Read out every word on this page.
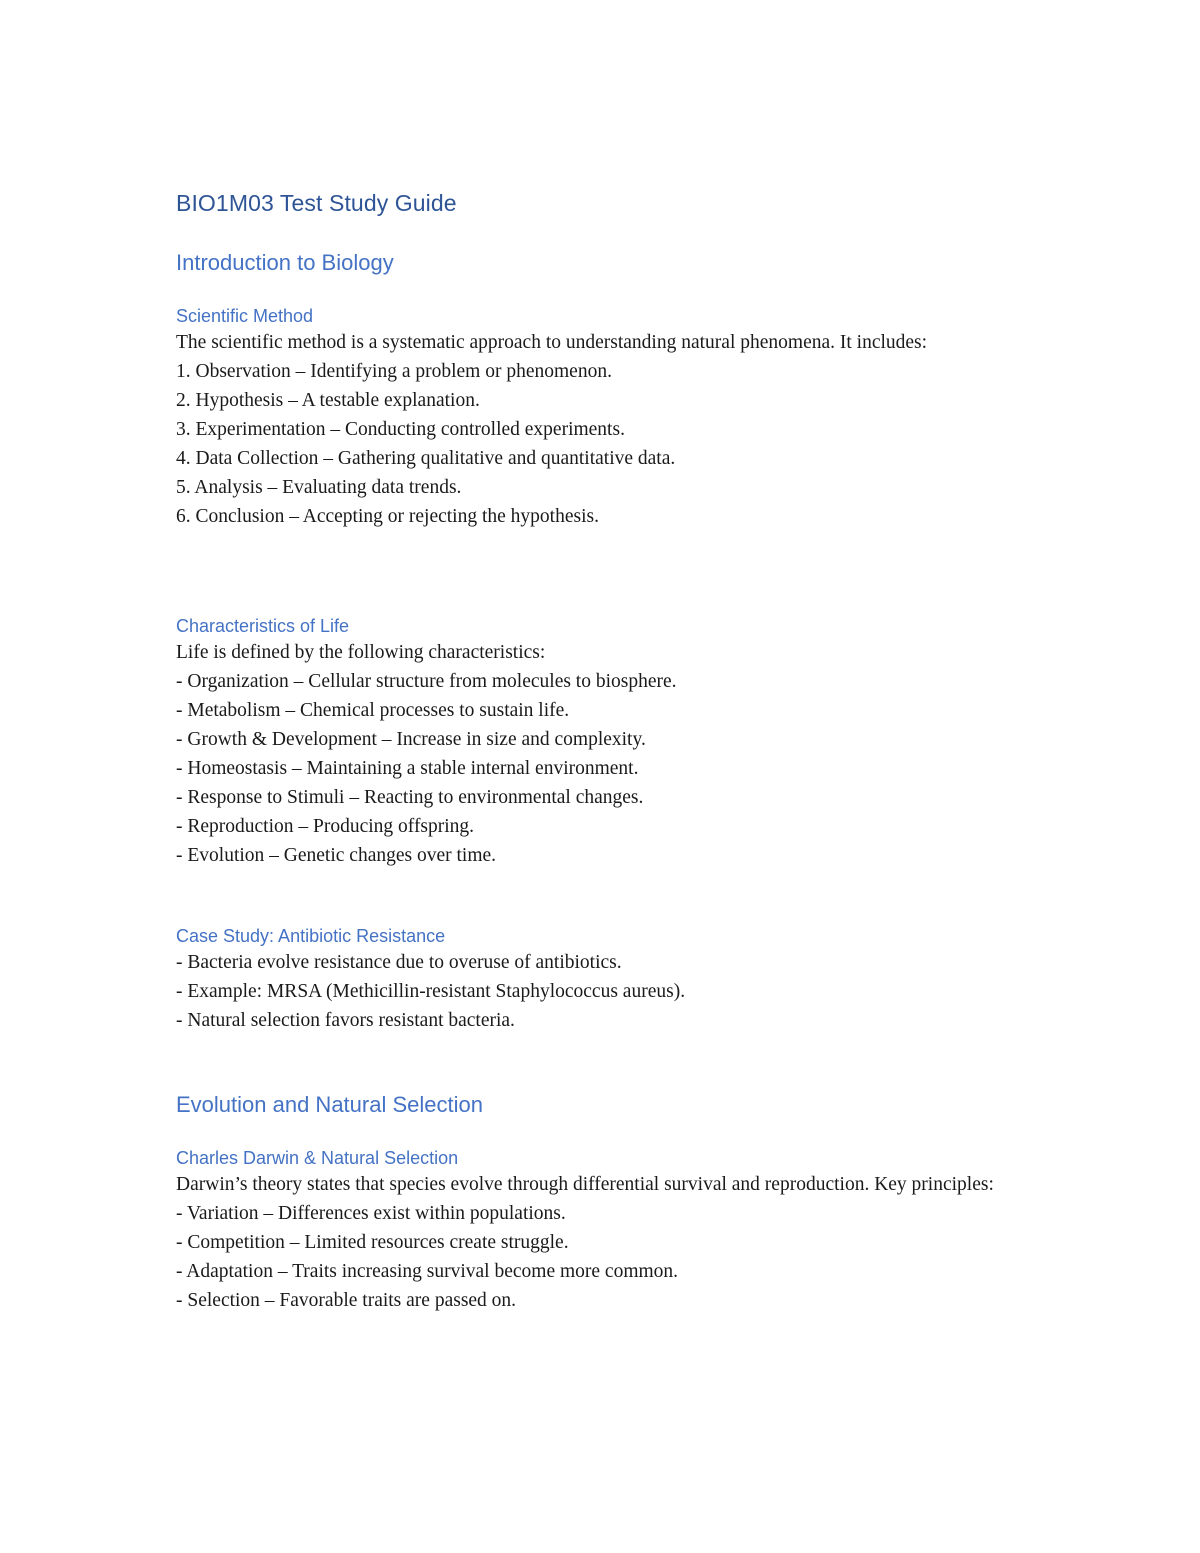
BIO1M03 Test Study Guide
Introduction to Biology
Scientific Method

The scientific method is a systematic approach to understanding natural phenomena. It includes:

1. Observation – Identifying a problem or phenomenon.
2. Hypothesis – A testable explanation.
3. Experimentation – Conducting controlled experiments.
4. Data Collection – Gathering qualitative and quantitative data.
5. Analysis – Evaluating data trends.
6. Conclusion – Accepting or rejecting the hypothesis.
Characteristics of Life

Life is defined by the following characteristics:

- Organization – Cellular structure from molecules to biosphere.
- Metabolism – Chemical processes to sustain life.
- Growth & Development – Increase in size and complexity.
- Homeostasis – Maintaining a stable internal environment.
- Response to Stimuli – Reacting to environmental changes.
- Reproduction – Producing offspring.
- Evolution – Genetic changes over time.
Case Study: Antibiotic Resistance
- Bacteria evolve resistance due to overuse of antibiotics.
- Example: MRSA (Methicillin-resistant Staphylococcus aureus).
- Natural selection favors resistant bacteria.
Evolution and Natural Selection
Charles Darwin & Natural Selection

Darwin’s theory states that species evolve through differential survival and reproduction. Key principles:

- Variation – Differences exist within populations.
- Competition – Limited resources create struggle.
- Adaptation – Traits increasing survival become more common.
- Selection – Favorable traits are passed on.
